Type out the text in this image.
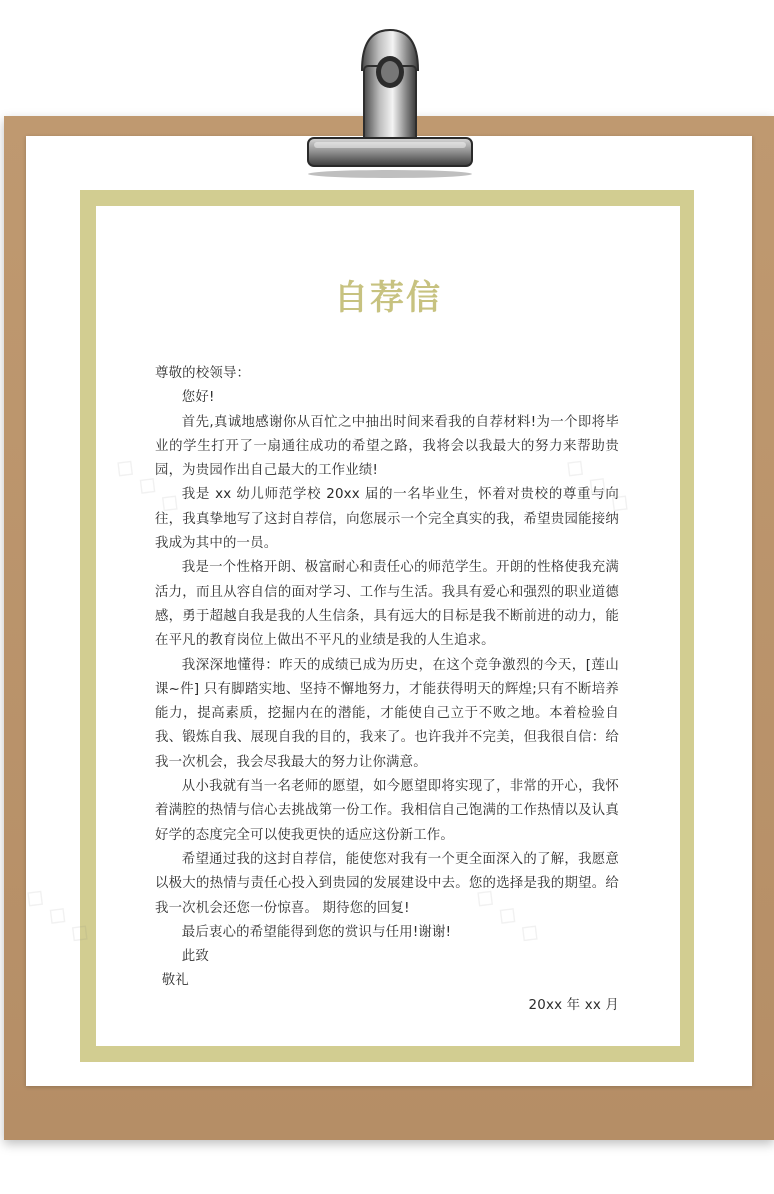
自荐信

尊敬的校领导：

您好!

首先,真诚地感谢你从百忙之中抽出时间来看我的自荐材料!为一个即将毕业的学生打开了一扇通往成功的希望之路，我将会以我最大的努力来帮助贵园，为贵园作出自己最大的工作业绩!

我是 xx 幼儿师范学校 20xx 届的一名毕业生，怀着对贵校的尊重与向往，我真挚地写了这封自荐信，向您展示一个完全真实的我，希望贵园能接纳我成为其中的一员。

我是一个性格开朗、极富耐心和责任心的师范学生。开朗的性格使我充满活力，而且从容自信的面对学习、工作与生活。我具有爱心和强烈的职业道德感，勇于超越自我是我的人生信条，具有远大的目标是我不断前进的动力，能在平凡的教育岗位上做出不平凡的业绩是我的人生追求。

我深深地懂得：昨天的成绩已成为历史，在这个竞争激烈的今天，[莲山 课~件] 只有脚踏实地、坚持不懈地努力，才能获得明天的辉煌;只有不断培养能力，提高素质，挖掘内在的潜能，才能使自己立于不败之地。本着检验自我、锻炼自我、展现自我的目的，我来了。也许我并不完美，但我很自信：给我一次机会，我会尽我最大的努力让你满意。

从小我就有当一名老师的愿望，如今愿望即将实现了，非常的开心，我怀着满腔的热情与信心去挑战第一份工作。我相信自己饱满的工作热情以及认真好学的态度完全可以使我更快的适应这份新工作。

希望通过我的这封自荐信，能使您对我有一个更全面深入的了解，我愿意以极大的热情与责任心投入到贵园的发展建设中去。您的选择是我的期望。给我一次机会还您一份惊喜。 期待您的回复!

最后衷心的希望能得到您的赏识与任用!谢谢!

此致

敬礼

20xx 年 xx 月
